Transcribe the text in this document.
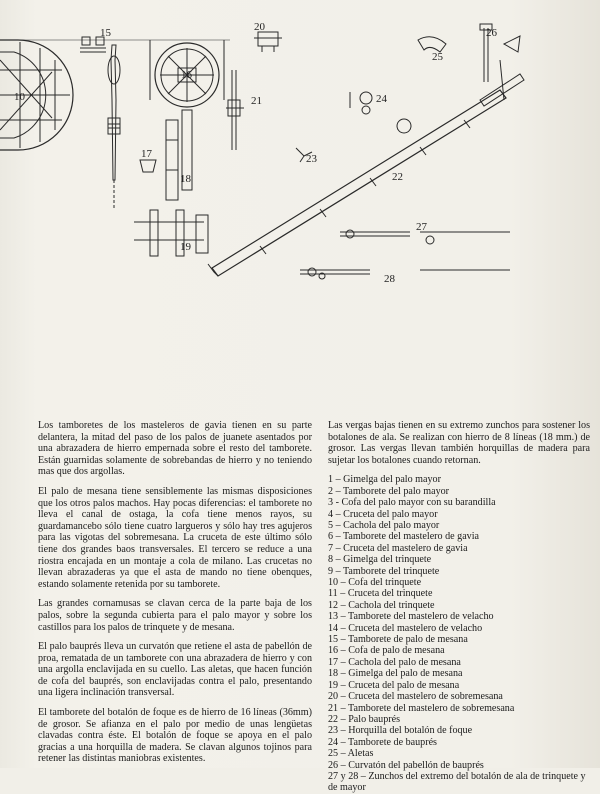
10
15
16
17
18
19
20
21
22
23
24
25
26
27
28

Los tamboretes de los masteleros de gavia tienen en su parte delantera, la mitad del paso de los palos de juanete asentados por una abrazadera de hierro empernada sobre el resto del tamborete. Están guarnidas solamente de sobrebandas de hierro y no teniendo mas que dos argollas.

El palo de mesana tiene sensiblemente las mismas disposiciones que los otros palos machos. Hay pocas diferencias: el tamborete no lleva el canal de ostaga, la cofa tiene menos rayos, su guardamancebo sólo tiene cuatro largueros y sólo hay tres agujeros para las vigotas del sobremesana. La cruceta de este último sólo tiene dos grandes baos transversales. El tercero se reduce a una riostra encajada en un montaje a cola de milano. Las crucetas no llevan abrazaderas ya que el asta de mando no tiene obenques, estando solamente retenida por su tamborete.

Las grandes cornamusas se clavan cerca de la parte baja de los palos, sobre la segunda cubierta para el palo mayor y sobre los castillos para los palos de trinquete y de mesana.

El palo bauprés lleva un curvatón que retiene el asta de pabellón de proa, rematada de un tamborete con una abrazadera de hierro y con una argolla enclavijada en su cuello. Las aletas, que hacen función de cofa del bauprés, son enclavijadas contra el palo, presentando una ligera inclinación transversal.

El tamborete del botalón de foque es de hierro de 16 líneas (36mm) de grosor. Se afianza en el palo por medio de unas lengüetas clavadas contra éste. El botalón de foque se apoya en el palo gracias a una horquilla de madera. Se clavan algunos tojinos para retener las distintas maniobras existentes.

Las vergas bajas tienen en su extremo zunchos para sostener los botalones de ala. Se realizan con hierro de 8 líneas (18 mm.) de grosor. Las vergas llevan también horquillas de madera para sujetar los botalones cuando retornan.

1 – Gimelga del palo mayor
2 – Tamborete del palo mayor
3 - Cofa del palo mayor con su barandilla
4 – Cruceta del palo mayor
5 – Cachola del palo mayor
6 – Tamborete del mastelero de gavia
7 – Cruceta del mastelero de gavia
8 – Gimelga del trinquete
9 – Tamborete del trinquete
10 – Cofa del trinquete
11 – Cruceta del trinquete
12 – Cachola del trinquete
13 – Tamborete del mastelero de velacho
14 – Cruceta del mastelero de velacho
15 – Tamborete de palo de mesana
16 – Cofa de palo de mesana
17 – Cachola del palo de mesana
18 – Gimelga del palo de mesana
19 – Cruceta del palo de mesana
20 – Cruceta del mastelero de sobremesana
21 – Tamborete del mastelero de sobremesana
22 – Palo bauprés
23 – Horquilla del botalón de foque
24 – Tamborete de bauprés
25 – Aletas
26 – Curvatón del pabellón de bauprés
27 y 28 – Zunchos del extremo del botalón de ala de trinquete y de mayor
